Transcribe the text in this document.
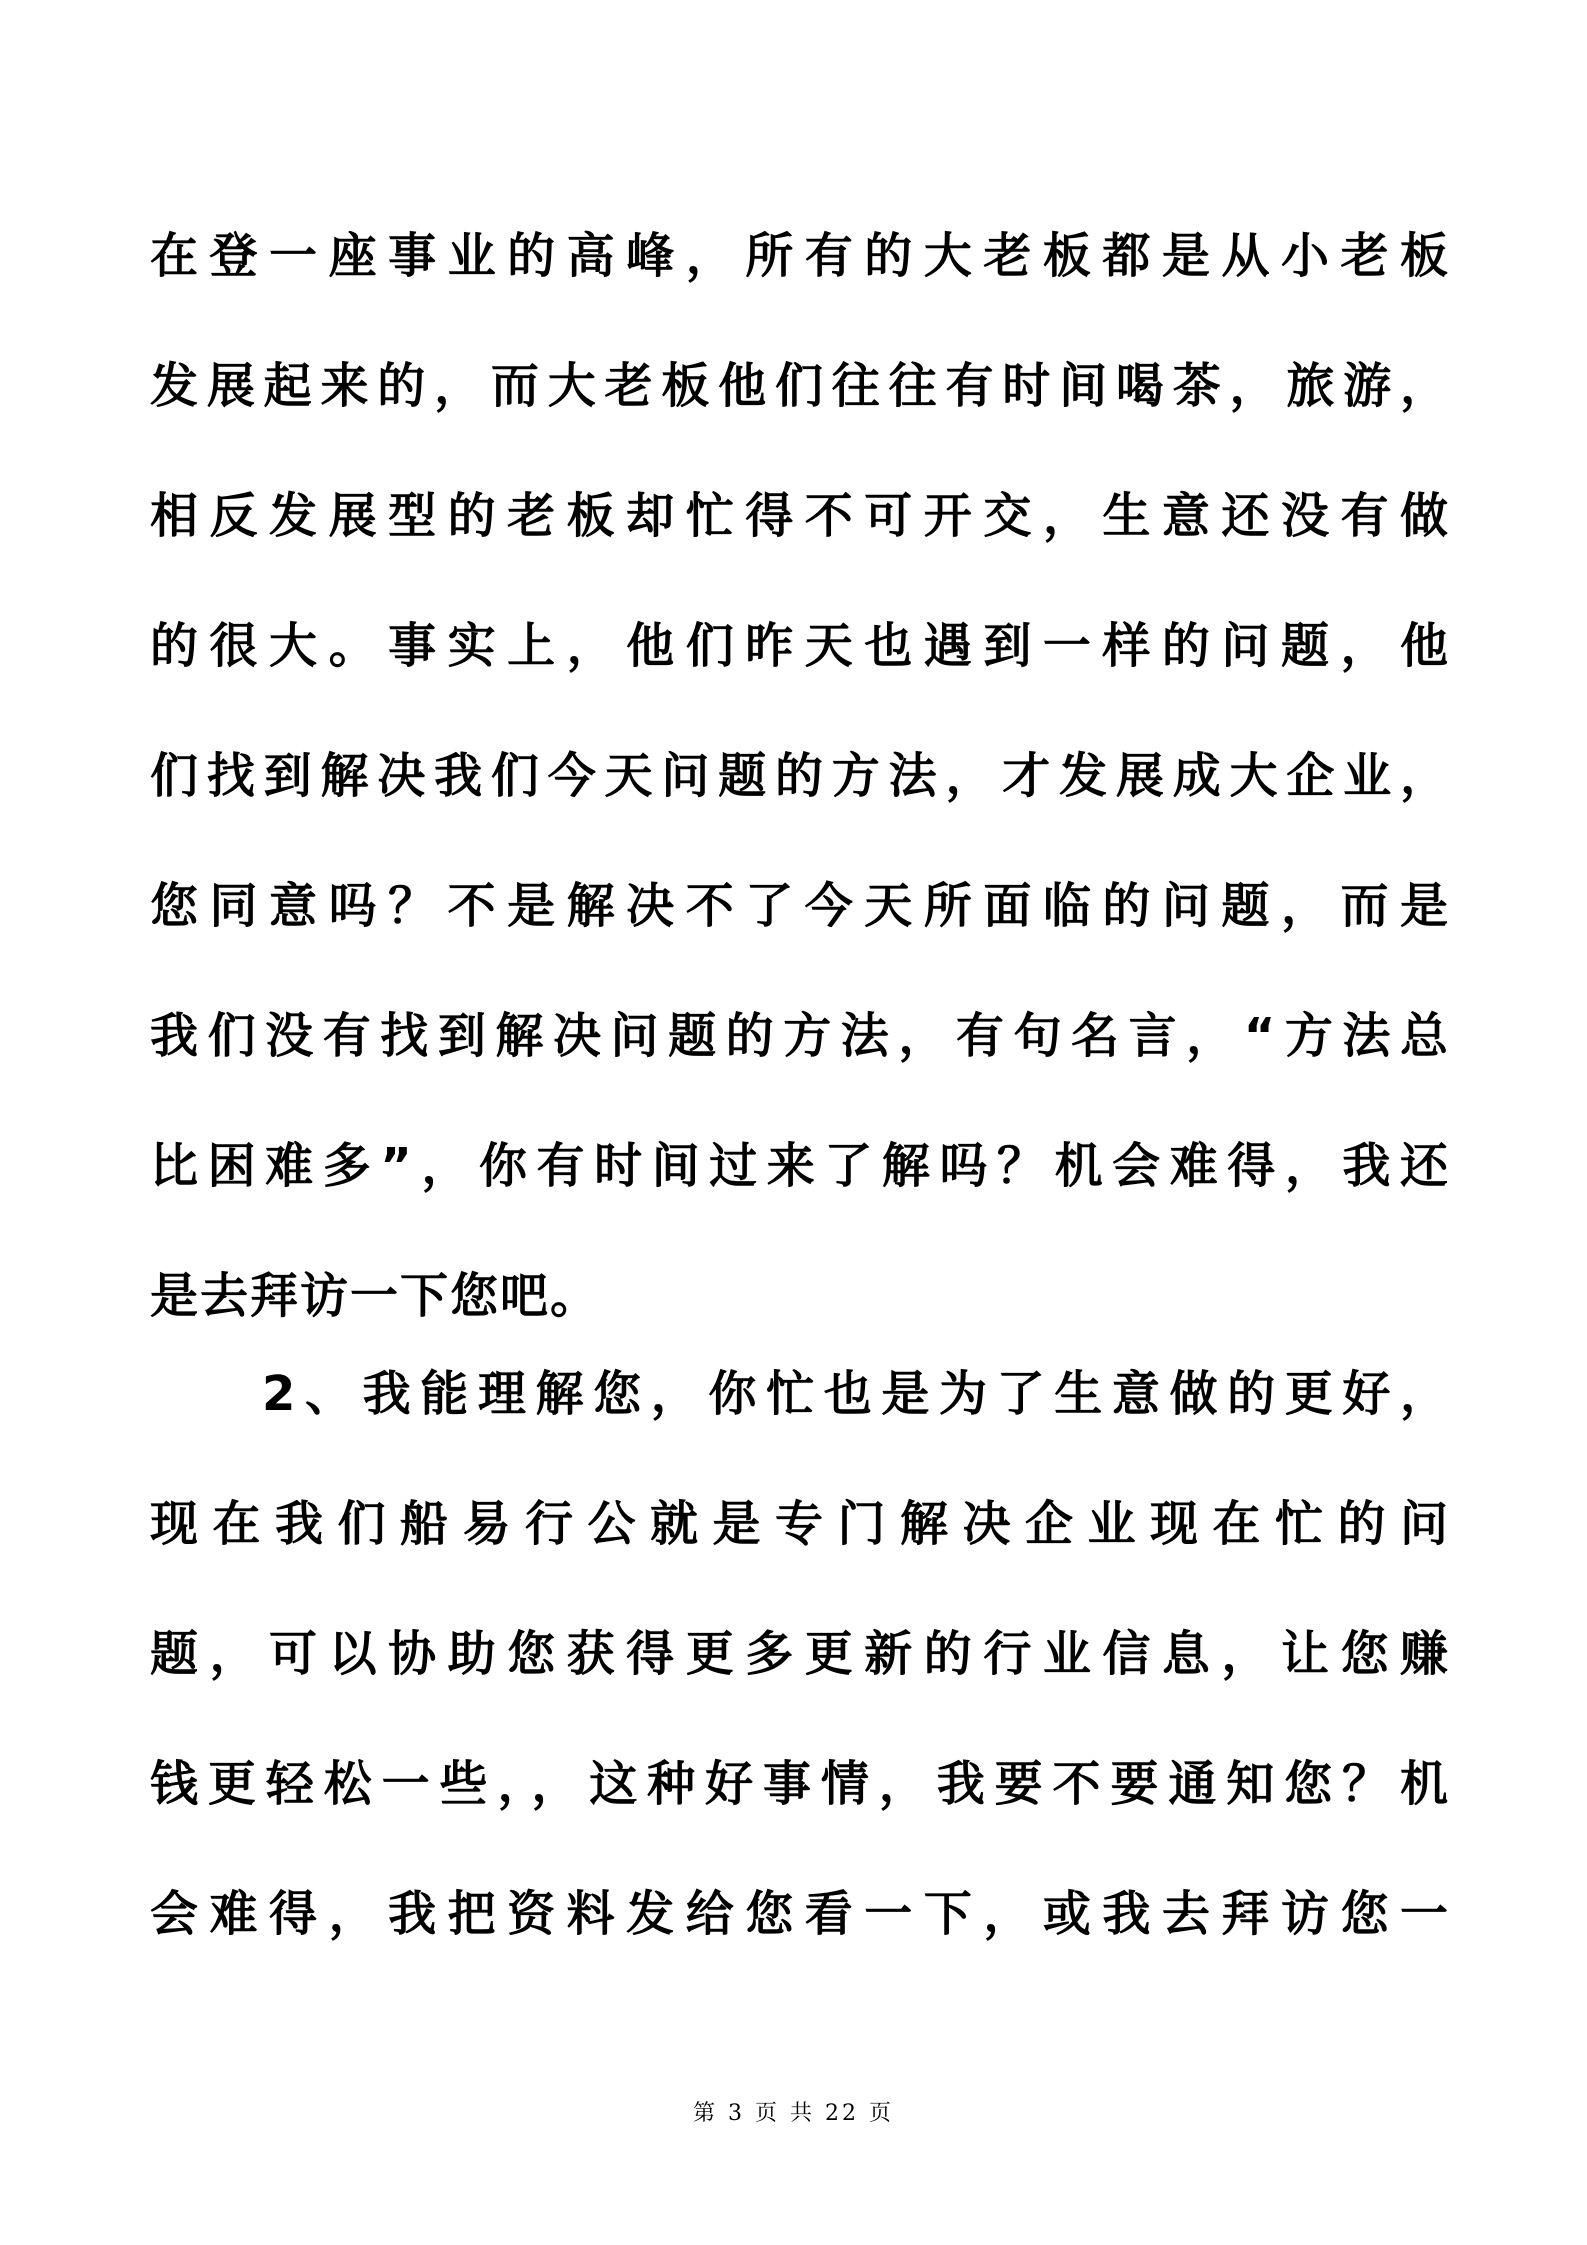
在登一座事业的高峰，所有的大老板都是从小老板
发展起来的，而大老板他们往往有时间喝茶，旅游，
相反发展型的老板却忙得不可开交，生意还没有做
的很大。事实上，他们昨天也遇到一样的问题，他
们找到解决我们今天问题的方法，才发展成大企业，
您同意吗？不是解决不了今天所面临的问题，而是
我们没有找到解决问题的方法，有句名言，“方法总
比困难多”，你有时间过来了解吗？机会难得，我还
是去拜访一下您吧。
2、我能理解您，你忙也是为了生意做的更好，
现在我们船易行公就是专门解决企业现在忙的问
题，可以协助您获得更多更新的行业信息，让您赚
钱更轻松一些，，这种好事情，我要不要通知您？机
会难得，我把资料发给您看一下，或我去拜访您一
第 3 页 共 22 页
